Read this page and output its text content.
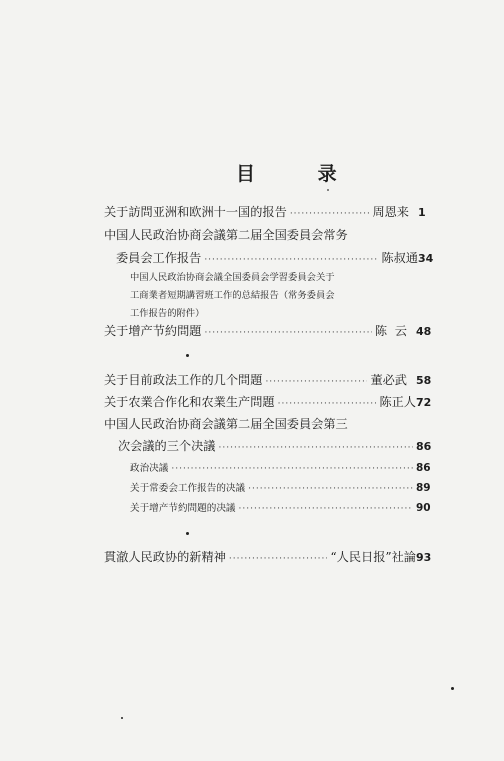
目 录
关于訪問亚洲和欧洲十一国的报告 ·····	周恩来 1
中国人民政治协商会議第二届全国委員会常务
委員会工作报告 ·····	陈叔通 34
中国人民政治协商会議全国委員会学習委員会关于
工商業者短期講習班工作的总結报告（常务委員会
工作报告的附件）
关于增产节約問題 ·····	陈  云 48
关于目前政法工作的几个問題 ·····	董必武 58
关于农業合作化和农業生产問題 ·····	陈正人 72
中国人民政治协商会議第二届全国委員会第三
次会議的三个决議 ·····	86
政治决議 ·····	86
关于常委会工作报告的决議 ·····	89
关于增产节約問題的决議 ·····	90
貫澈人民政协的新精神 ·····	“人民日报”社論 93
